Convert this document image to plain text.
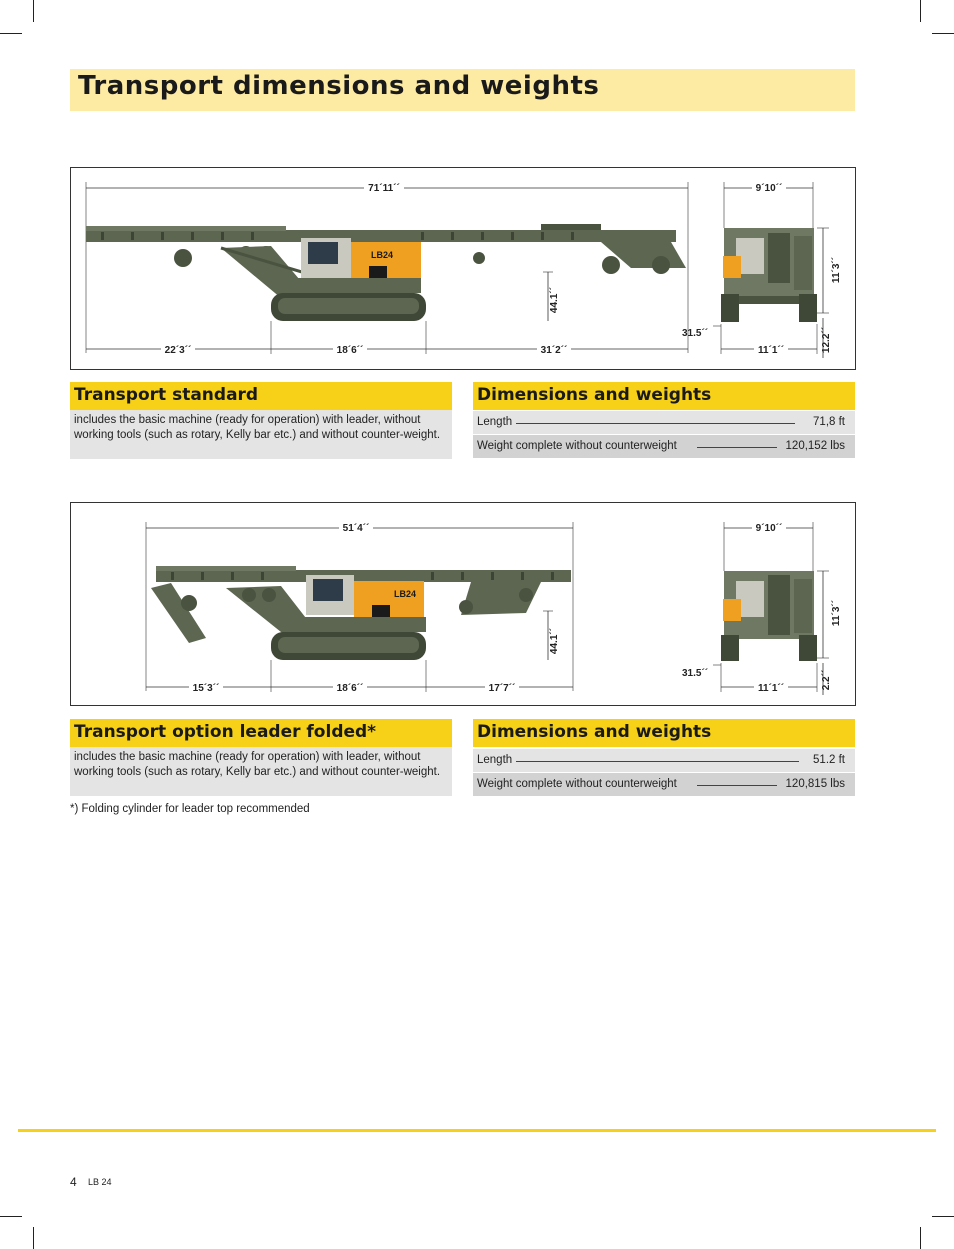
Transport dimensions and weights
71´11´´
LB24
44.1´´
22´3´´	18´6´´	31´2´´
9´10´´
11´3´´
12.2´´
31.5´´
11´1´´
Transport standard

includes the basic machine (ready for operation) with leader, without working tools (such as rotary, Kelly bar etc.) and without counter-weight.

Dimensions and weights
Length	71,8 ft
Weight complete without counterweight	120,152 lbs
51´4´´
LB24
44.1´´
15´3´´	18´6´´	17´7´´
9´10´´
11´3´´
2.2´´
31.5´´
11´1´´
Transport option leader folded*

includes the basic machine (ready for operation) with leader, without working tools (such as rotary, Kelly bar etc.) and without counter-weight.

Dimensions and weights
Length	51.2 ft
Weight complete without counterweight	120,815 lbs
*) Folding cylinder for leader top recommended
4 LB 24
